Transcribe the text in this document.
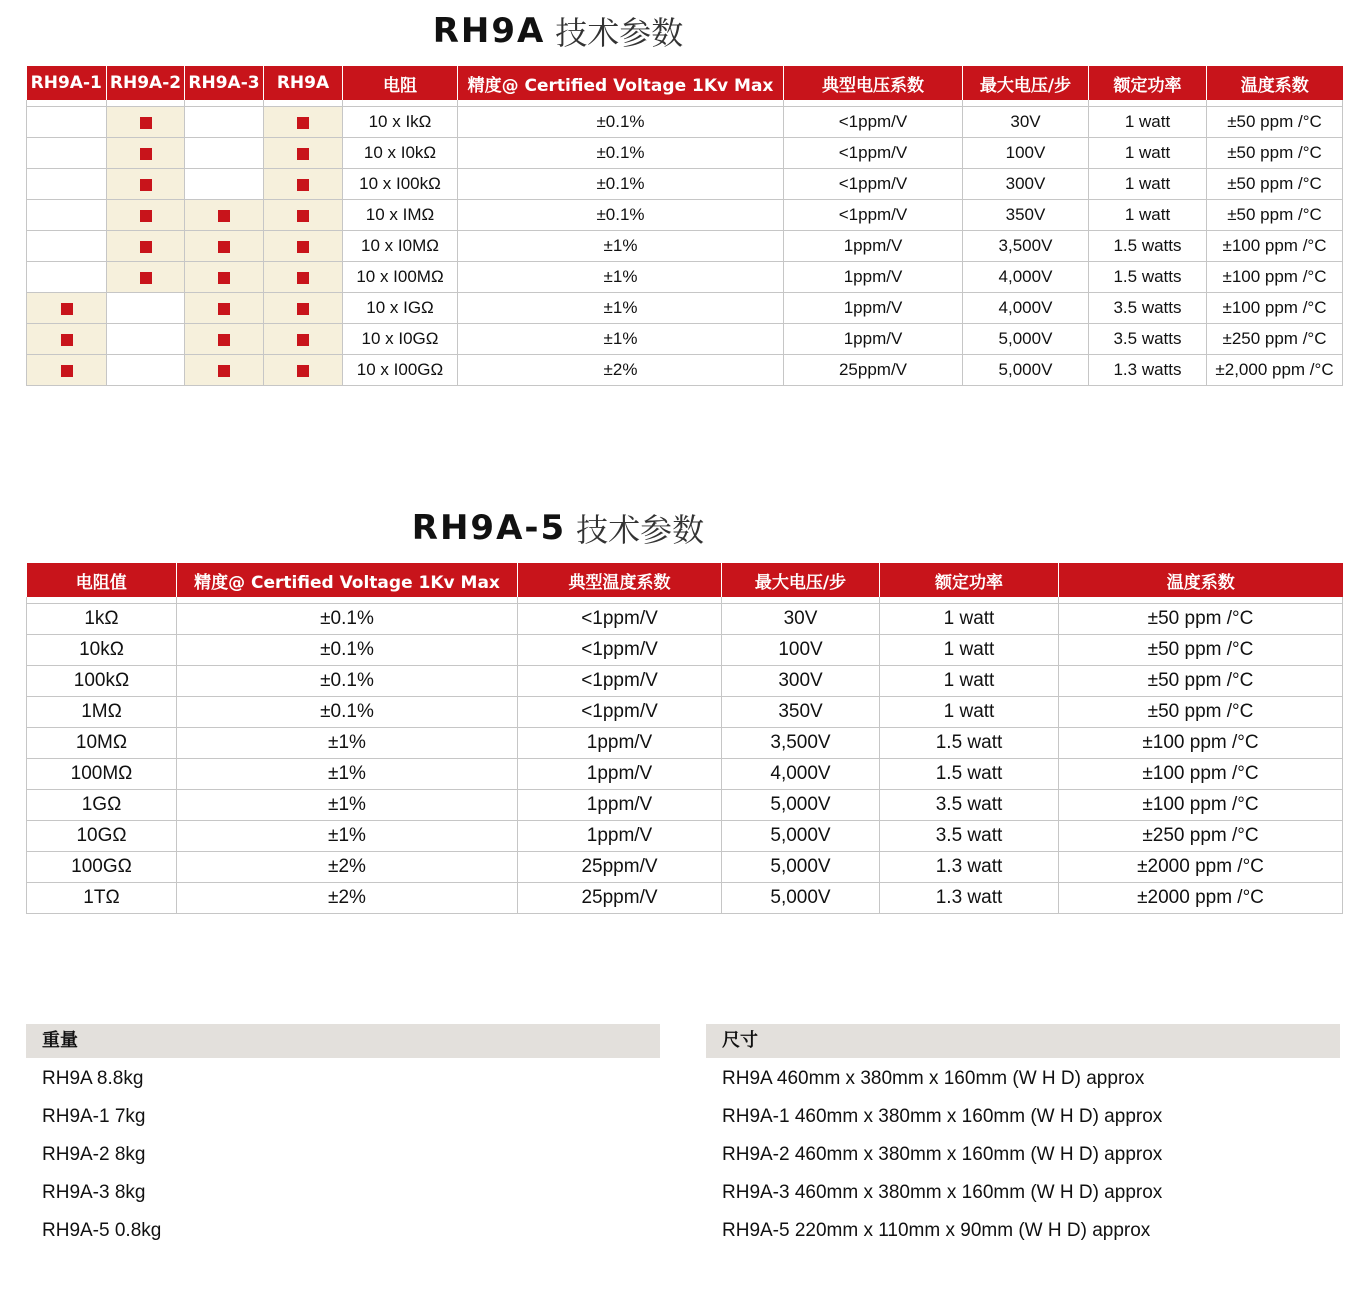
RH9A 技术参数
RH9A-1	RH9A-2	RH9A-3	RH9A	电阻	精度@ Certified Voltage 1Kv Max	典型电压系数	最大电压/步	额定功率	温度系数

				10 x IkΩ	±0.1%	<1ppm/V	30V	1 watt	±50 ppm /°C
				10 x I0kΩ	±0.1%	<1ppm/V	100V	1 watt	±50 ppm /°C
				10 x I00kΩ	±0.1%	<1ppm/V	300V	1 watt	±50 ppm /°C
				10 x IMΩ	±0.1%	<1ppm/V	350V	1 watt	±50 ppm /°C
				10 x I0MΩ	±1%	1ppm/V	3,500V	1.5 watts	±100 ppm /°C
				10 x I00MΩ	±1%	1ppm/V	4,000V	1.5 watts	±100 ppm /°C
				10 x IGΩ	±1%	1ppm/V	4,000V	3.5 watts	±100 ppm /°C
				10 x I0GΩ	±1%	1ppm/V	5,000V	3.5 watts	±250 ppm /°C
				10 x I00GΩ	±2%	25ppm/V	5,000V	1.3 watts	±2,000 ppm /°C
RH9A-5 技术参数
电阻值	精度@ Certified Voltage 1Kv Max	典型温度系数	最大电压/步	额定功率	温度系数

1kΩ	±0.1%	<1ppm/V	30V	1 watt	±50 ppm /°C
10kΩ	±0.1%	<1ppm/V	100V	1 watt	±50 ppm /°C
100kΩ	±0.1%	<1ppm/V	300V	1 watt	±50 ppm /°C
1MΩ	±0.1%	<1ppm/V	350V	1 watt	±50 ppm /°C
10MΩ	±1%	1ppm/V	3,500V	1.5 watt	±100 ppm /°C
100MΩ	±1%	1ppm/V	4,000V	1.5 watt	±100 ppm /°C
1GΩ	±1%	1ppm/V	5,000V	3.5 watt	±100 ppm /°C
10GΩ	±1%	1ppm/V	5,000V	3.5 watt	±250 ppm /°C
100GΩ	±2%	25ppm/V	5,000V	1.3 watt	±2000 ppm /°C
1TΩ	±2%	25ppm/V	5,000V	1.3 watt	±2000 ppm /°C
重量
RH9A 8.8kg
RH9A-1 7kg
RH9A-2 8kg
RH9A-3 8kg
RH9A-5 0.8kg
尺寸
RH9A 460mm x 380mm x 160mm (W H D) approx
RH9A-1 460mm x 380mm x 160mm (W H D) approx
RH9A-2 460mm x 380mm x 160mm (W H D) approx
RH9A-3 460mm x 380mm x 160mm (W H D) approx
RH9A-5 220mm x 110mm x 90mm (W H D) approx
